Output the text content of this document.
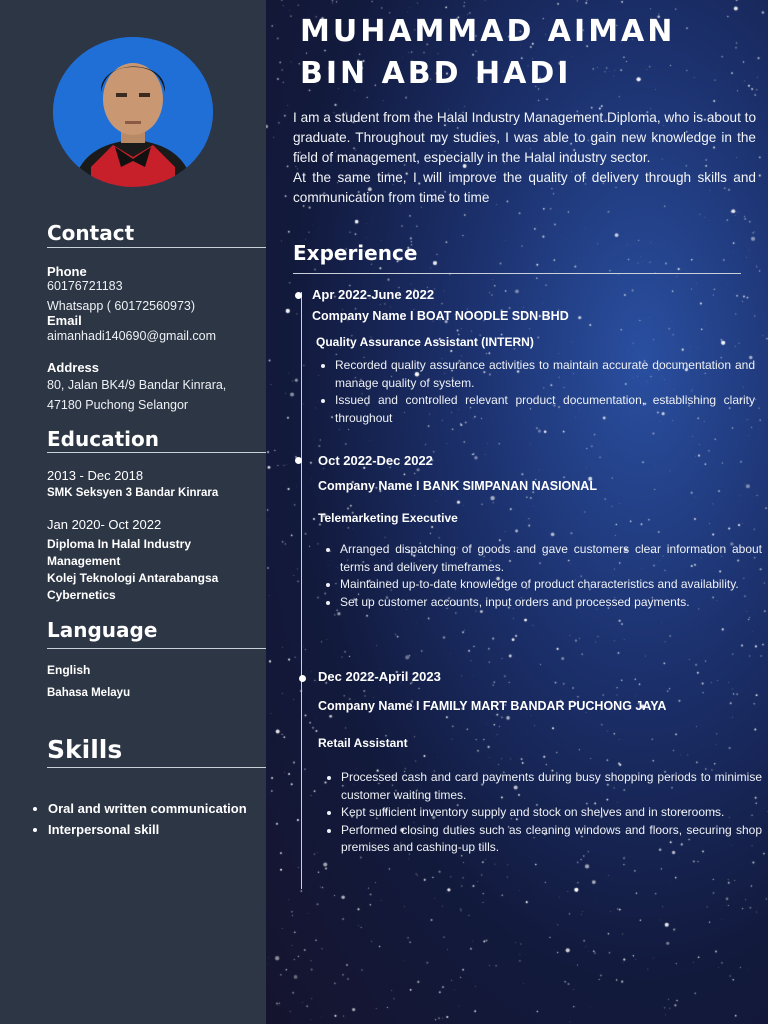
Contact
Phone
60176721183
Whatsapp ( 60172560973)
Email
aimanhadi140690@gmail.com
Address
80, Jalan BK4/9 Bandar Kinrara,
47180 Puchong Selangor
Education
2013 - Dec 2018
SMK Seksyen 3 Bandar Kinrara
Jan 2020- Oct 2022
Diploma In Halal Industry Management
Kolej Teknologi Antarabangsa Cybernetics
Language
English
Bahasa Melayu
Skills
• Oral and written communication
• Interpersonal skill
MUHAMMAD AIMAN
BIN ABD HADI
I am a student from the Halal Industry Management Diploma, who is about to graduate. Throughout my studies, I was able to gain new knowledge in the field of management, especially in the Halal industry sector.
At the same time, I will improve the quality of delivery through skills and communication from time to time
Experience
Apr 2022-June 2022
Company Name I BOAT NOODLE SDN BHD
Quality Assurance Assistant (INTERN)
• Recorded quality assurance activities to maintain accurate documentation and manage quality of system.
• Issued and controlled relevant product documentation, establishing clarity throughout
Oct 2022-Dec 2022
Company Name I BANK SIMPANAN NASIONAL
Telemarketing Executive
• Arranged dispatching of goods and gave customers clear information about terms and delivery timeframes.
• Maintained up-to-date knowledge of product characteristics and availability.
• Set up customer accounts, input orders and processed payments.
Dec 2022-April 2023
Company Name I FAMILY MART BANDAR PUCHONG JAYA
Retail Assistant
• Processed cash and card payments during busy shopping periods to minimise customer waiting times.
• Kept sufficient inventory supply and stock on shelves and in storerooms.
• Performed closing duties such as cleaning windows and floors, securing shop premises and cashing-up tills.
